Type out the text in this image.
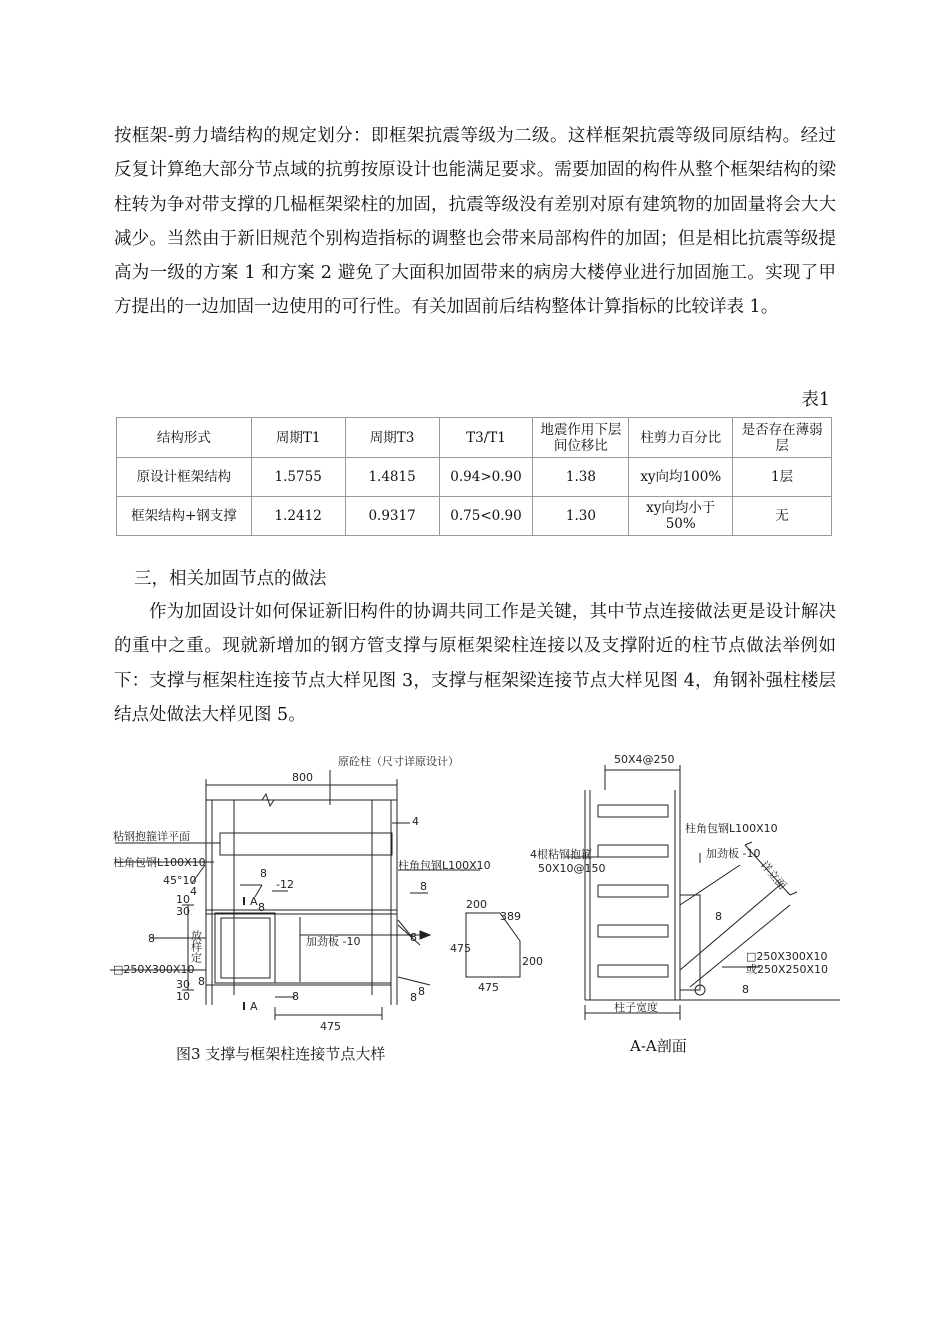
按框架-剪力墙结构的规定划分：即框架抗震等级为二级。这样框架抗震等级同原结构。经过反复计算绝大部分节点域的抗剪按原设计也能满足要求。需要加固的构件从整个框架结构的梁柱转为争对带支撑的几榀框架梁柱的加固，抗震等级没有差别对原有建筑物的加固量将会大大减少。当然由于新旧规范个别构造指标的调整也会带来局部构件的加固；但是相比抗震等级提高为一级的方案 1 和方案 2 避免了大面积加固带来的病房大楼停业进行加固施工。实现了甲方提出的一边加固一边使用的可行性。有关加固前后结构整体计算指标的比较详表 1。
表1
结构形式	周期T1	周期T3	T3/T1	地震作用下层间位移比	柱剪力百分比	是否存在薄弱层
原设计框架结构	1.5755	1.4815	0.94>0.90	1.38	xy向均100%	1层
框架结构+钢支撑	1.2412	0.9317	0.75<0.90	1.30	xy向均小于50%	无
三，相关加固节点的做法
作为加固设计如何保证新旧构件的协调共同工作是关键，其中节点连接做法更是设计解决的重中之重。现就新增加的钢方管支撑与原框架梁柱连接以及支撑附近的柱节点做法举例如下：支撑与框架柱连接节点大样见图 3，支撑与框架梁连接节点大样见图 4，角钢补强柱楼层结点处做法大样见图 5。
原砼柱（尺寸详原设计）
800
粘钢抱箍详平面
柱角包钢L100X10	柱角包钢L100X10
45°10
4
4
-12
8
8
8	8
8
8
8
8
8
30
10
30
10
放样定
□250X300X10
加劲板 -10
A
A
475
200
389
475
200
475
50X4@250
柱角包钢L100X10
加劲板 -10
4根粘钢抱箍
50X10@150
8
8
详立面
□250X300X10
或250X250X10
柱子宽度
图3 支撑与框架柱连接节点大样	A-A剖面
